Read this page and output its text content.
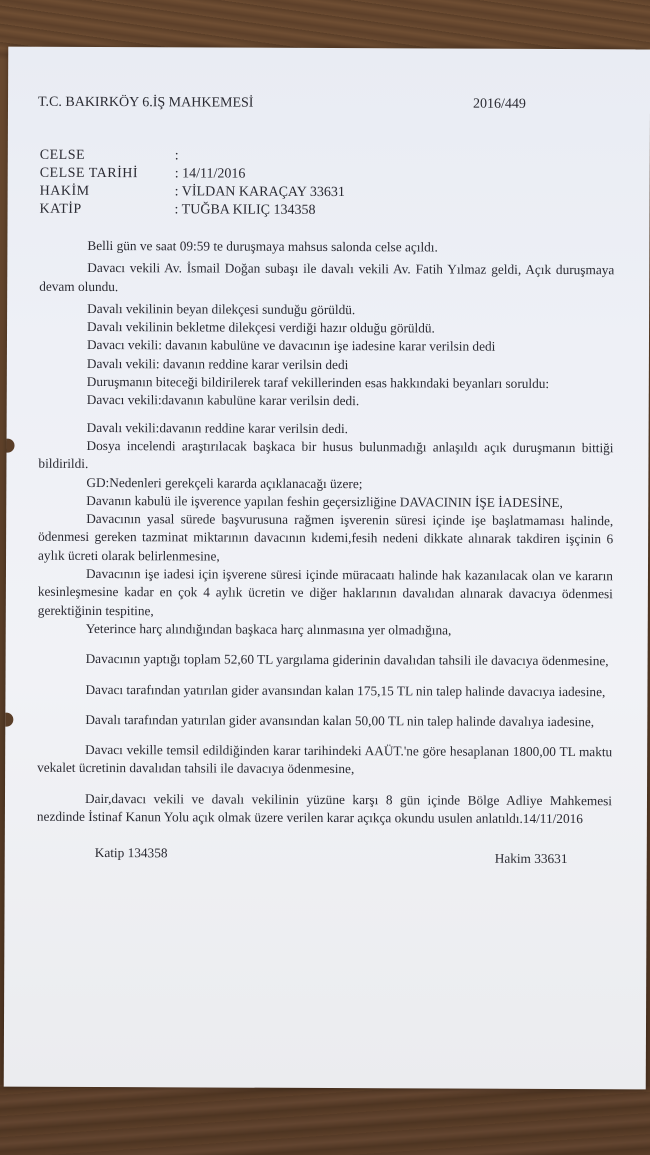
T.C. BAKIRKÖY 6.İŞ MAHKEMESİ	2016/449
CELSE	:
CELSE TARİHİ	: 14/11/2016
HAKİM	: VİLDAN KARAÇAY 33631
KATİP	: TUĞBA KILIÇ 134358

Belli gün ve saat 09:59 te duruşmaya mahsus salonda celse açıldı.

Davacı vekili Av. İsmail Doğan subaşı ile davalı vekili Av. Fatih Yılmaz geldi, Açık duruşmaya devam olundu.

Davalı vekilinin beyan dilekçesi sunduğu görüldü.

Davalı vekilinin bekletme dilekçesi verdiği hazır olduğu görüldü.

Davacı vekili: davanın kabulüne ve davacının işe iadesine karar verilsin dedi

Davalı vekili: davanın reddine karar verilsin dedi

Duruşmanın biteceği bildirilerek taraf vekillerinden esas hakkındaki beyanları soruldu:

Davacı vekili:davanın kabulüne karar verilsin dedi.

Davalı vekili:davanın reddine karar verilsin dedi.

Dosya incelendi araştırılacak başkaca bir husus bulunmadığı anlaşıldı açık duruşmanın bittiği bildirildi.

GD:Nedenleri gerekçeli kararda açıklanacağı üzere;

Davanın kabulü ile işverence yapılan feshin geçersizliğine DAVACININ İŞE İADESİNE,

Davacının yasal sürede başvurusuna rağmen işverenin süresi içinde işe başlatmaması halinde, ödenmesi gereken tazminat miktarının davacının kıdemi,fesih nedeni dikkate alınarak takdiren işçinin 6 aylık ücreti olarak belirlenmesine,

Davacının işe iadesi için işverene süresi içinde müracaatı halinde hak kazanılacak olan ve kararın kesinleşmesine kadar en çok 4 aylık ücretin ve diğer haklarının davalıdan alınarak davacıya ödenmesi gerektiğinin tespitine,

Yeterince harç alındığından başkaca harç alınmasına yer olmadığına,

Davacının yaptığı toplam 52,60 TL yargılama giderinin davalıdan tahsili ile davacıya ödenmesine,

Davacı tarafından yatırılan gider avansından kalan 175,15 TL nin talep halinde davacıya iadesine,

Davalı tarafından yatırılan gider avansından kalan 50,00 TL nin talep halinde davalıya iadesine,

Davacı vekille temsil edildiğinden karar tarihindeki AAÜT.'ne göre hesaplanan 1800,00 TL maktu vekalet ücretinin davalıdan tahsili ile davacıya ödenmesine,

Dair,davacı vekili ve davalı vekilinin yüzüne karşı 8 gün içinde Bölge Adliye Mahkemesi nezdinde İstinaf Kanun Yolu açık olmak üzere verilen karar açıkça okundu usulen anlatıldı.14/11/2016

Katip 134358	Hakim 33631
